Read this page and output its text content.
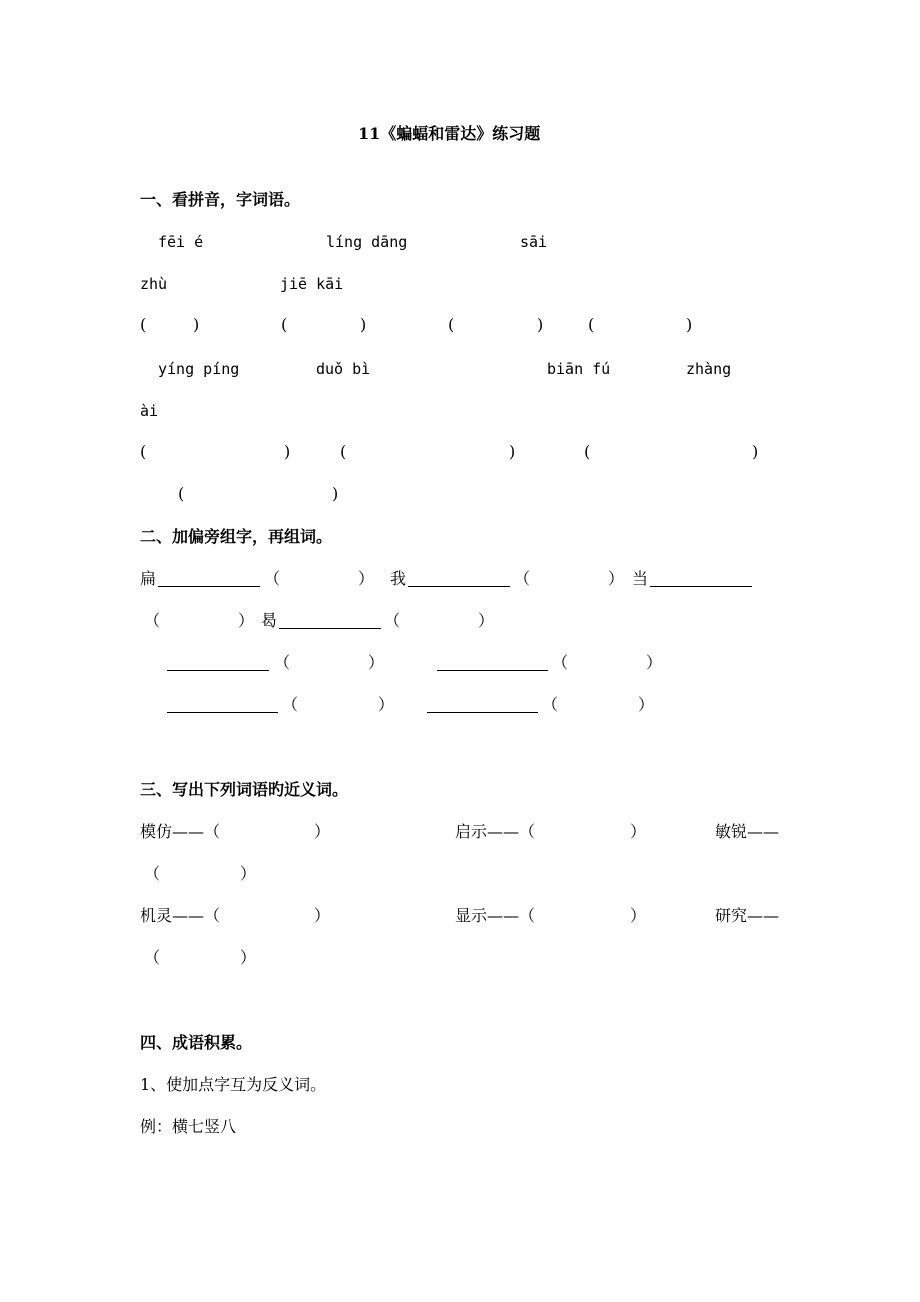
11《蝙蝠和雷达》练习题
一、看拼音，字词语。
fēi é	líng dāng	sāi
zhù	jiē kāi
(	)	(	)	(	)	(	)
yíng píng	duǒ bì	biān fú	zhàng
ài
(	)	(	)	(	)
(	)
二、加偏旁组字，再组词。
扁	（	） 我	（	） 当
（	） 曷	（	）
（	）	（	）
（	）	（	）
三、写出下列词语旳近义词。
模仿——（	）	启示——（	）	敏锐——
（	）
机灵——（	）	显示——（	）	研究——
（	）
四、成语积累。
1、使加点字互为反义词。
例：横七竖八
